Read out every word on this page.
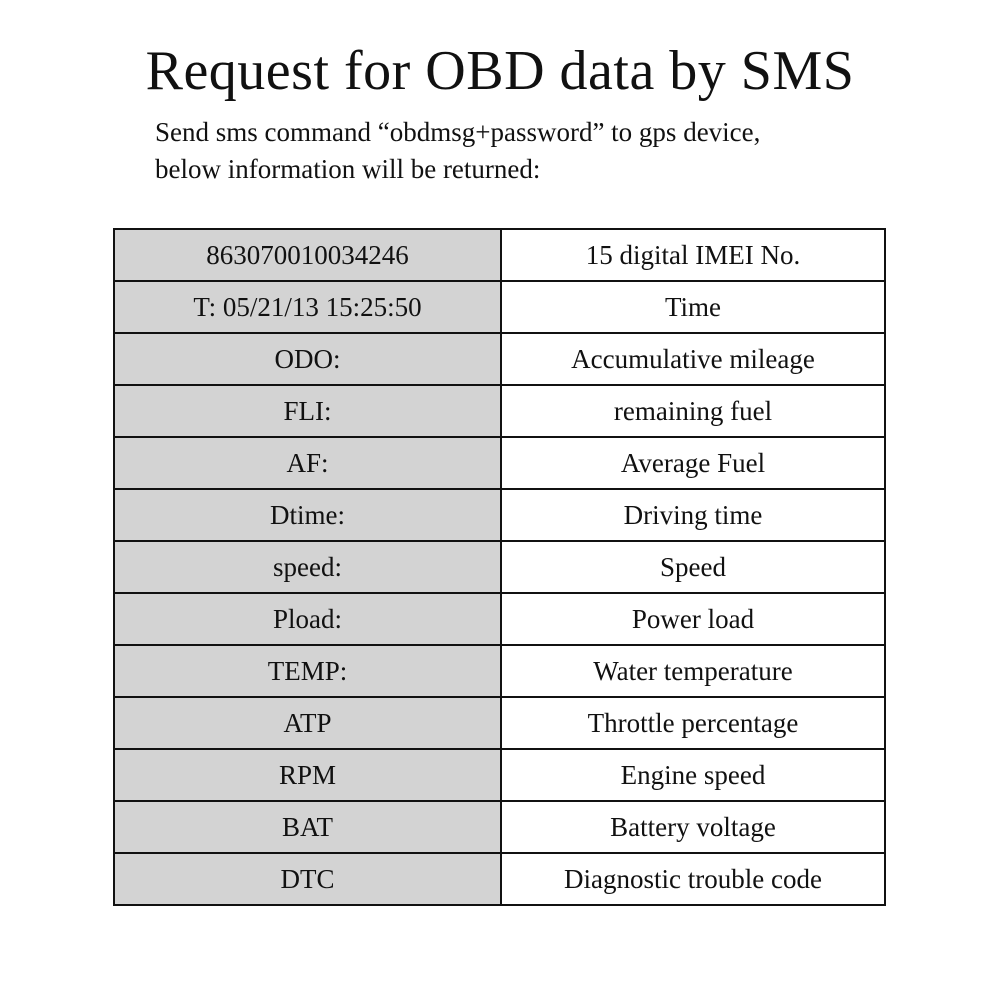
Request for OBD data by SMS
Send sms command “obdmsg+password” to gps device,
below information will be returned:
863070010034246	15 digital IMEI No.
T: 05/21/13 15:25:50	Time
ODO:	Accumulative mileage
FLI:	remaining fuel
AF:	Average Fuel
Dtime:	Driving time
speed:	Speed
Pload:	Power load
TEMP:	Water temperature
ATP	Throttle percentage
RPM	Engine speed
BAT	Battery voltage
DTC	Diagnostic trouble code
